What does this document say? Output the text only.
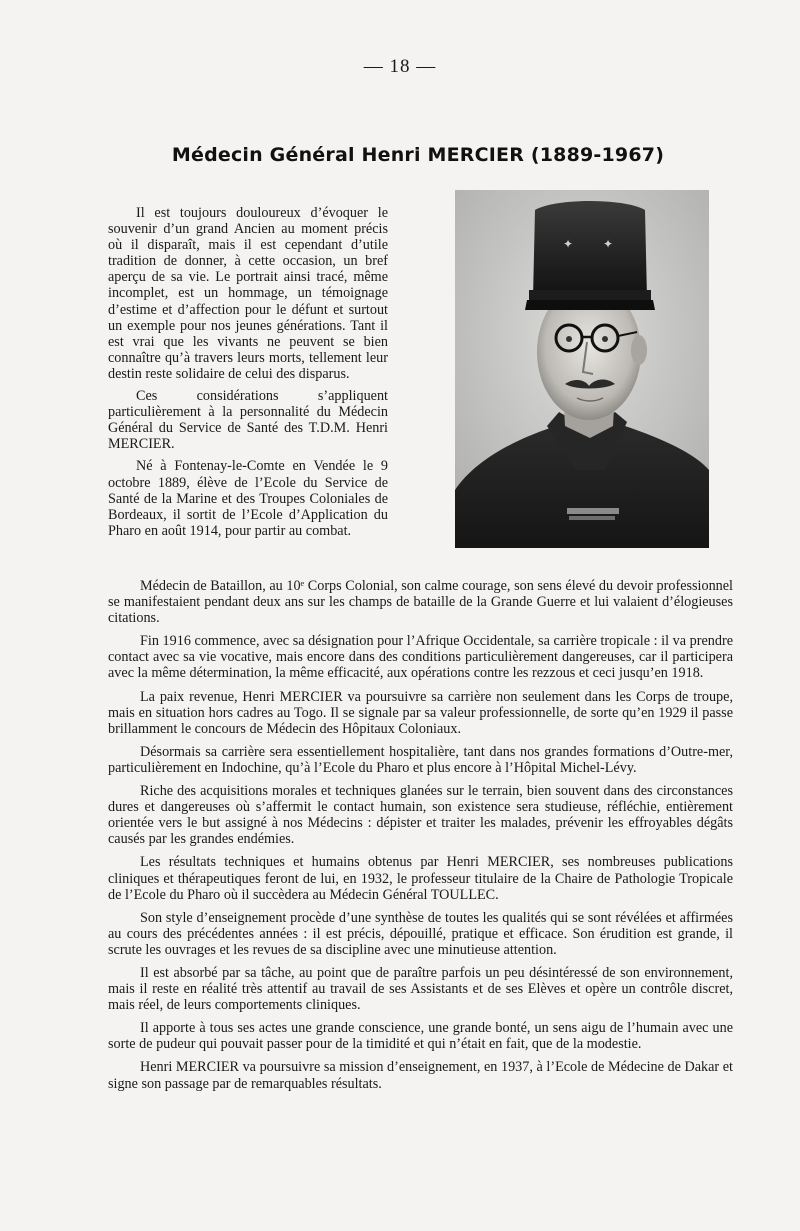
— 18 —
Médecin Général Henri MERCIER (1889-1967)
✦ ✦

Il est toujours douloureux d’évoquer le souvenir d’un grand Ancien au moment précis où il disparaît, mais il est cependant d’utile tradition de donner, à cette occasion, un bref aperçu de sa vie. Le portrait ainsi tracé, même incomplet, est un hommage, un témoignage d’estime et d’affection pour le défunt et surtout un exemple pour nos jeunes générations. Tant il est vrai que les vivants ne peuvent se bien connaître qu’à travers leurs morts, tellement leur destin reste solidaire de celui des disparus.

Ces considérations s’appliquent particulièrement à la personnalité du Médecin Général du Service de Santé des T.D.M. Henri MERCIER.

Né à Fontenay-le-Comte en Vendée le 9 octobre 1889, élève de l’Ecole du Service de Santé de la Marine et des Troupes Coloniales de Bordeaux, il sortit de l’Ecole d’Application du Pharo en août 1914, pour partir au combat.

Médecin de Bataillon, au 10ᵉ Corps Colonial, son calme courage, son sens élevé du devoir professionnel se manifestaient pendant deux ans sur les champs de bataille de la Grande Guerre et lui valaient d’élogieuses citations.

Fin 1916 commence, avec sa désignation pour l’Afrique Occidentale, sa carrière tropicale : il va prendre contact avec sa vie vocative, mais encore dans des conditions particulièrement dangereuses, car il participera avec la même détermination, la même efficacité, aux opérations contre les rezzous et ceci jusqu’en 1918.

La paix revenue, Henri MERCIER va poursuivre sa carrière non seulement dans les Corps de troupe, mais en situation hors cadres au Togo. Il se signale par sa valeur professionnelle, de sorte qu’en 1929 il passe brillamment le concours de Médecin des Hôpitaux Coloniaux.

Désormais sa carrière sera essentiellement hospitalière, tant dans nos grandes formations d’Outre-mer, particulièrement en Indochine, qu’à l’Ecole du Pharo et plus encore à l’Hôpital Michel-Lévy.

Riche des acquisitions morales et techniques glanées sur le terrain, bien souvent dans des circonstances dures et dangereuses où s’affermit le contact humain, son existence sera studieuse, réfléchie, entièrement orientée vers le but assigné à nos Médecins : dépister et traiter les malades, prévenir les effroyables dégâts causés par les grandes endémies.

Les résultats techniques et humains obtenus par Henri MERCIER, ses nombreuses publications cliniques et thérapeutiques feront de lui, en 1932, le professeur titulaire de la Chaire de Pathologie Tropicale de l’Ecole du Pharo où il succèdera au Médecin Général TOULLEC.

Son style d’enseignement procède d’une synthèse de toutes les qualités qui se sont révélées et affirmées au cours des précédentes années : il est précis, dépouillé, pratique et efficace. Son érudition est grande, il scrute les ouvrages et les revues de sa discipline avec une minutieuse attention.

Il est absorbé par sa tâche, au point que de paraître parfois un peu désintéressé de son environnement, mais il reste en réalité très attentif au travail de ses Assistants et de ses Elèves et opère un contrôle discret, mais réel, de leurs comportements cliniques.

Il apporte à tous ses actes une grande conscience, une grande bonté, un sens aigu de l’humain avec une sorte de pudeur qui pouvait passer pour de la timidité et qui n’était en fait, que de la modestie.

Henri MERCIER va poursuivre sa mission d’enseignement, en 1937, à l’Ecole de Médecine de Dakar et signe son passage par de remarquables résultats.
